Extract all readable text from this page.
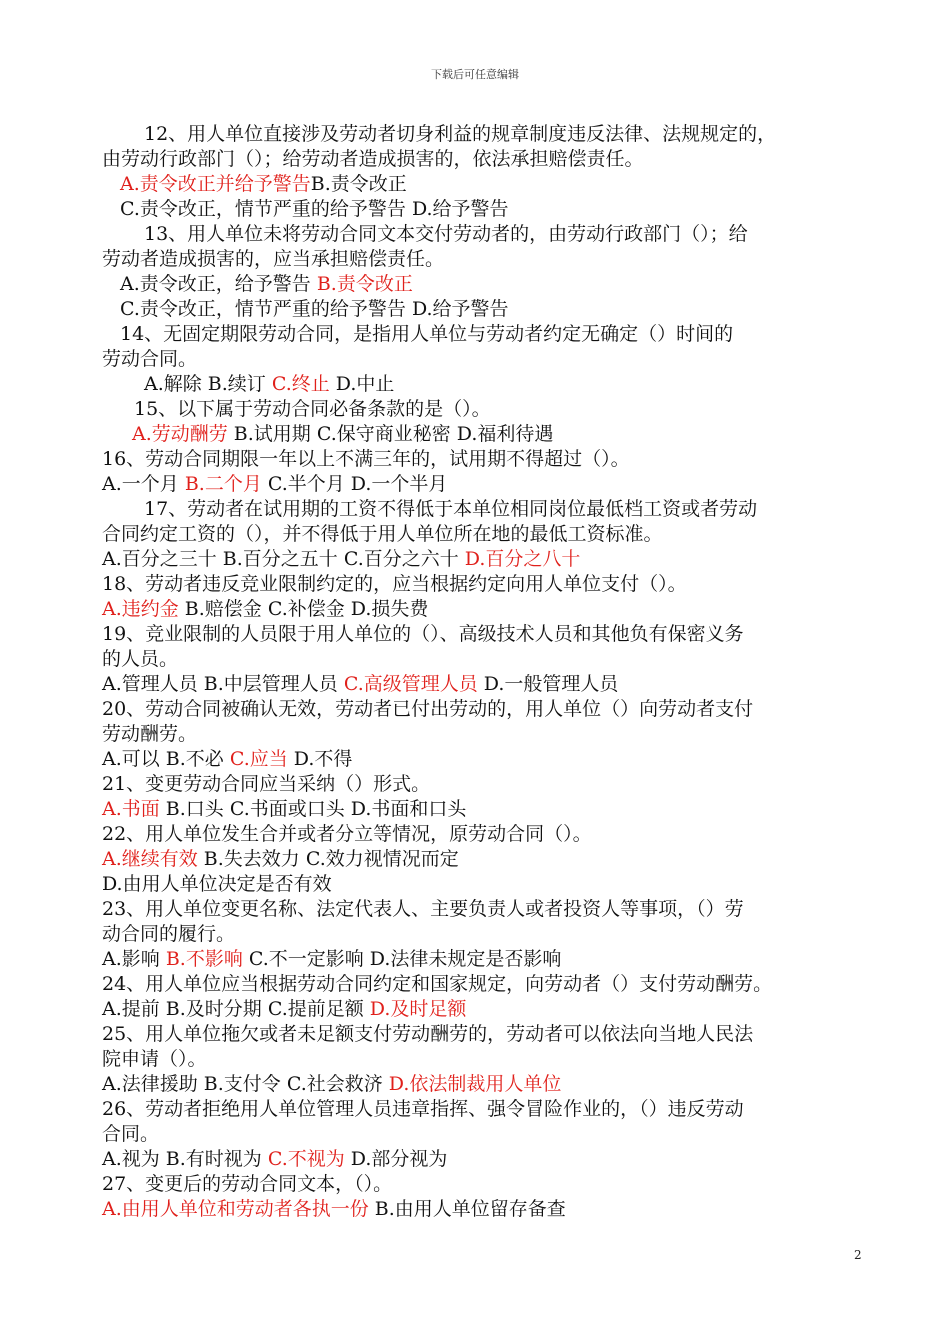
下载后可任意编辑
12、用人单位直接涉及劳动者切身利益的规章制度违反法律、法规规定的，
由劳动行政部门（）；给劳动者造成损害的，依法承担赔偿责任。
A.责令改正并给予警告B.责令改正
C.责令改正，情节严重的给予警告 D.给予警告
13、用人单位未将劳动合同文本交付劳动者的，由劳动行政部门（）；给
劳动者造成损害的，应当承担赔偿责任。
A.责令改正，给予警告 B.责令改正
C.责令改正，情节严重的给予警告 D.给予警告
14、无固定期限劳动合同，是指用人单位与劳动者约定无确定（）时间的
劳动合同。
A.解除 B.续订 C.终止 D.中止
15、以下属于劳动合同必备条款的是（）。
A.劳动酬劳 B.试用期 C.保守商业秘密 D.福利待遇
16、劳动合同期限一年以上不满三年的，试用期不得超过（）。
A.一个月 B.二个月 C.半个月 D.一个半月
17、劳动者在试用期的工资不得低于本单位相同岗位最低档工资或者劳动
合同约定工资的（），并不得低于用人单位所在地的最低工资标准。
A.百分之三十 B.百分之五十 C.百分之六十 D.百分之八十
18、劳动者违反竞业限制约定的，应当根据约定向用人单位支付（）。
A.违约金 B.赔偿金 C.补偿金 D.损失费
19、竞业限制的人员限于用人单位的（）、高级技术人员和其他负有保密义务
的人员。
A.管理人员 B.中层管理人员 C.高级管理人员 D.一般管理人员
20、劳动合同被确认无效，劳动者已付出劳动的，用人单位（）向劳动者支付
劳动酬劳。
A.可以 B.不必 C.应当 D.不得
21、变更劳动合同应当采纳（）形式。
A.书面 B.口头 C.书面或口头 D.书面和口头
22、用人单位发生合并或者分立等情况，原劳动合同（）。
A.继续有效 B.失去效力 C.效力视情况而定
D.由用人单位决定是否有效
23、用人单位变更名称、法定代表人、主要负责人或者投资人等事项，（）劳
动合同的履行。
A.影响 B.不影响 C.不一定影响 D.法律未规定是否影响
24、用人单位应当根据劳动合同约定和国家规定，向劳动者（）支付劳动酬劳。
A.提前 B.及时分期 C.提前足额 D.及时足额
25、用人单位拖欠或者未足额支付劳动酬劳的，劳动者可以依法向当地人民法
院申请（）。
A.法律援助 B.支付令 C.社会救济 D.依法制裁用人单位
26、劳动者拒绝用人单位管理人员违章指挥、强令冒险作业的，（）违反劳动
合同。
A.视为 B.有时视为 C.不视为 D.部分视为
27、变更后的劳动合同文本，（）。
A.由用人单位和劳动者各执一份 B.由用人单位留存备查
2
